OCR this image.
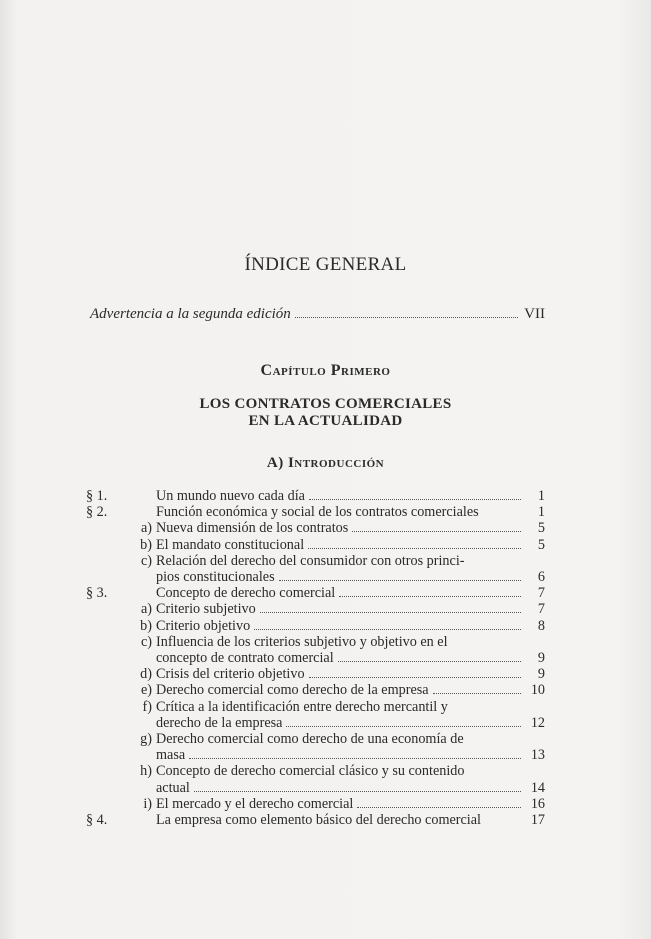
ÍNDICE GENERAL
Advertencia a la segunda edición	VII
Capítulo Primero
LOS CONTRATOS COMERCIALES
EN LA ACTUALIDAD
A) Introducción
§ 1.	Un mundo nuevo cada día	1
§ 2.	Función económica y social de los contratos comerciales	1
a) Nueva dimensión de los contratos	5
b) El mandato constitucional	5
c) Relación del derecho del consumidor con otros princi-
pios constitucionales	6
§ 3.	Concepto de derecho comercial	7
a) Criterio subjetivo	7
b) Criterio objetivo	8
c) Influencia de los criterios subjetivo y objetivo en el
concepto de contrato comercial	9
d) Crisis del criterio objetivo	9
e) Derecho comercial como derecho de la empresa	10
f) Crítica a la identificación entre derecho mercantil y
derecho de la empresa	12
g) Derecho comercial como derecho de una economía de
masa	13
h) Concepto de derecho comercial clásico y su contenido
actual	14
i) El mercado y el derecho comercial	16
§ 4.	La empresa como elemento básico del derecho comercial	17
